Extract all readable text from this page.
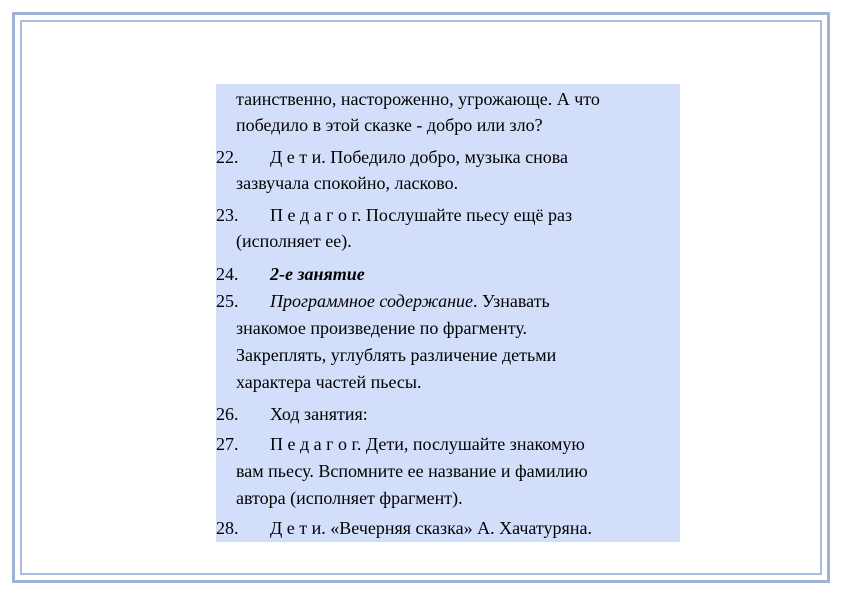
таинственно, настороженно, угрожающе. А что
победило в этой сказке - добро или зло?
22. Д е т и. Победило добро, музыка снова
зазвучала спокойно, ласково.
23. П е д а г о г. Послушайте пьесу ещё раз
(исполняет ее).
24. 2-е занятие
25. Программное содержание. Узнавать
знакомое произведение по фрагменту.
Закреплять, углублять различение детьми
характера частей пьесы.
26. Ход занятия:
27. П е д а г о г. Дети, послушайте знакомую
вам пьесу. Вспомните ее название и фамилию
автора (исполняет фрагмент).
28. Д е т и. «Вечерняя сказка» А. Хачатуряна.
